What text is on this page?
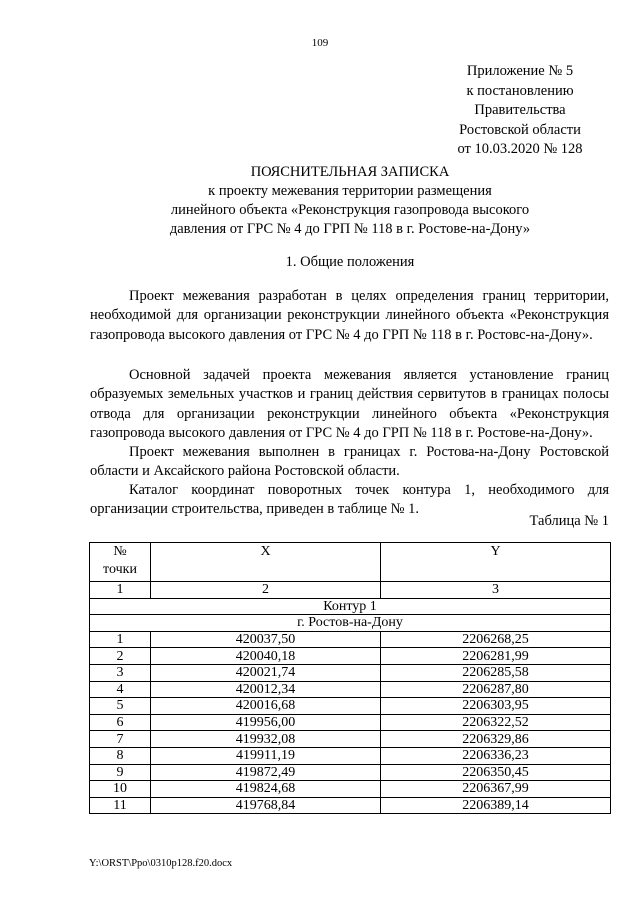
109
Приложение № 5
к постановлению
Правительства
Ростовской области
от 10.03.2020 № 128
ПОЯСНИТЕЛЬНАЯ ЗАПИСКА
к проекту межевания территории размещения
линейного объекта «Реконструкция газопровода высокого
давления от ГРС № 4 до ГРП № 118 в г. Ростове-на-Дону»
1. Общие положения

Проект межевания разработан в целях определения границ территории, необходимой для организации реконструкции линейного объекта «Реконструкция газопровода высокого давления от ГРС № 4 до ГРП № 118 в г. Ростовс-на-Дону».

Основной задачей проекта межевания является установление границ образуемых земельных участков и границ действия сервитутов в границах полосы отвода для организации реконструкции линейного объекта «Реконструкция газопровода высокого давления от ГРС № 4 до ГРП № 118 в г. Ростове-на-Дону».

Проект межевания выполнен в границах г. Ростова-на-Дону Ростовской области и Аксайского района Ростовской области.

Каталог координат поворотных точек контура 1, необходимого для организации строительства, приведен в таблице № 1.

Таблица № 1
№ точки	X	Y
1	2	3
Контур 1		
г. Ростов-на-Дону		
1	420037,50	2206268,25
2	420040,18	2206281,99
3	420021,74	2206285,58
4	420012,34	2206287,80
5	420016,68	2206303,95
6	419956,00	2206322,52
7	419932,08	2206329,86
8	419911,19	2206336,23
9	419872,49	2206350,45
10	419824,68	2206367,99
11	419768,84	2206389,14
Y:\ORST\Ppo\0310p128.f20.docx
